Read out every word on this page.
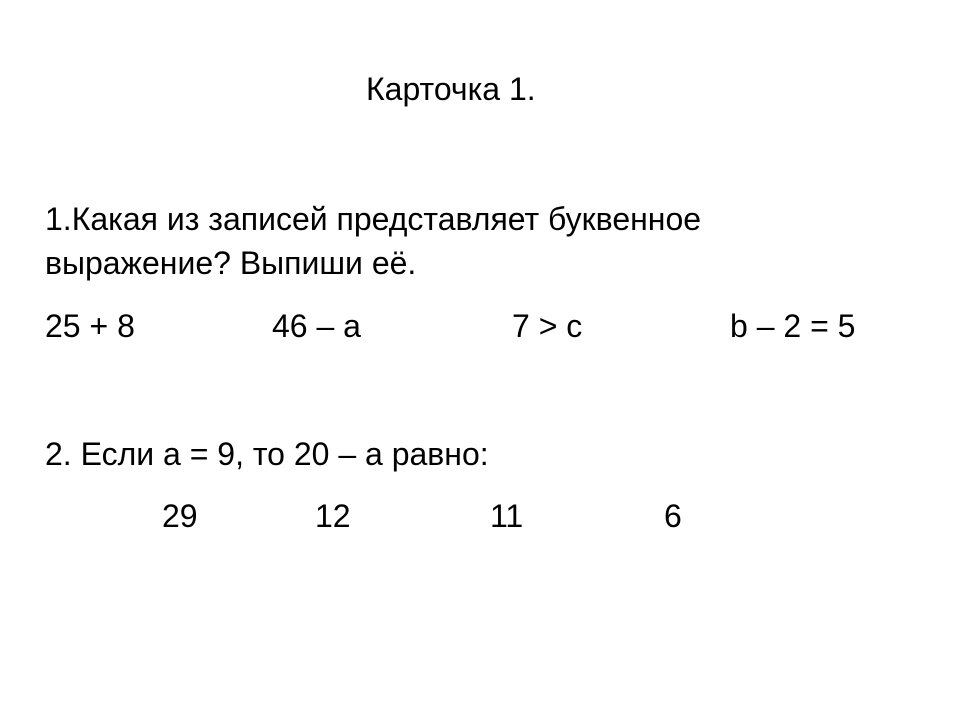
Карточка 1.
1.Какая из записей представляет буквенное
выражение? Выпиши её.
25 + 8	46 – a	7 > c	b – 2 = 5
2. Если a = 9, то 20 – a равно:
29	12	11	6
